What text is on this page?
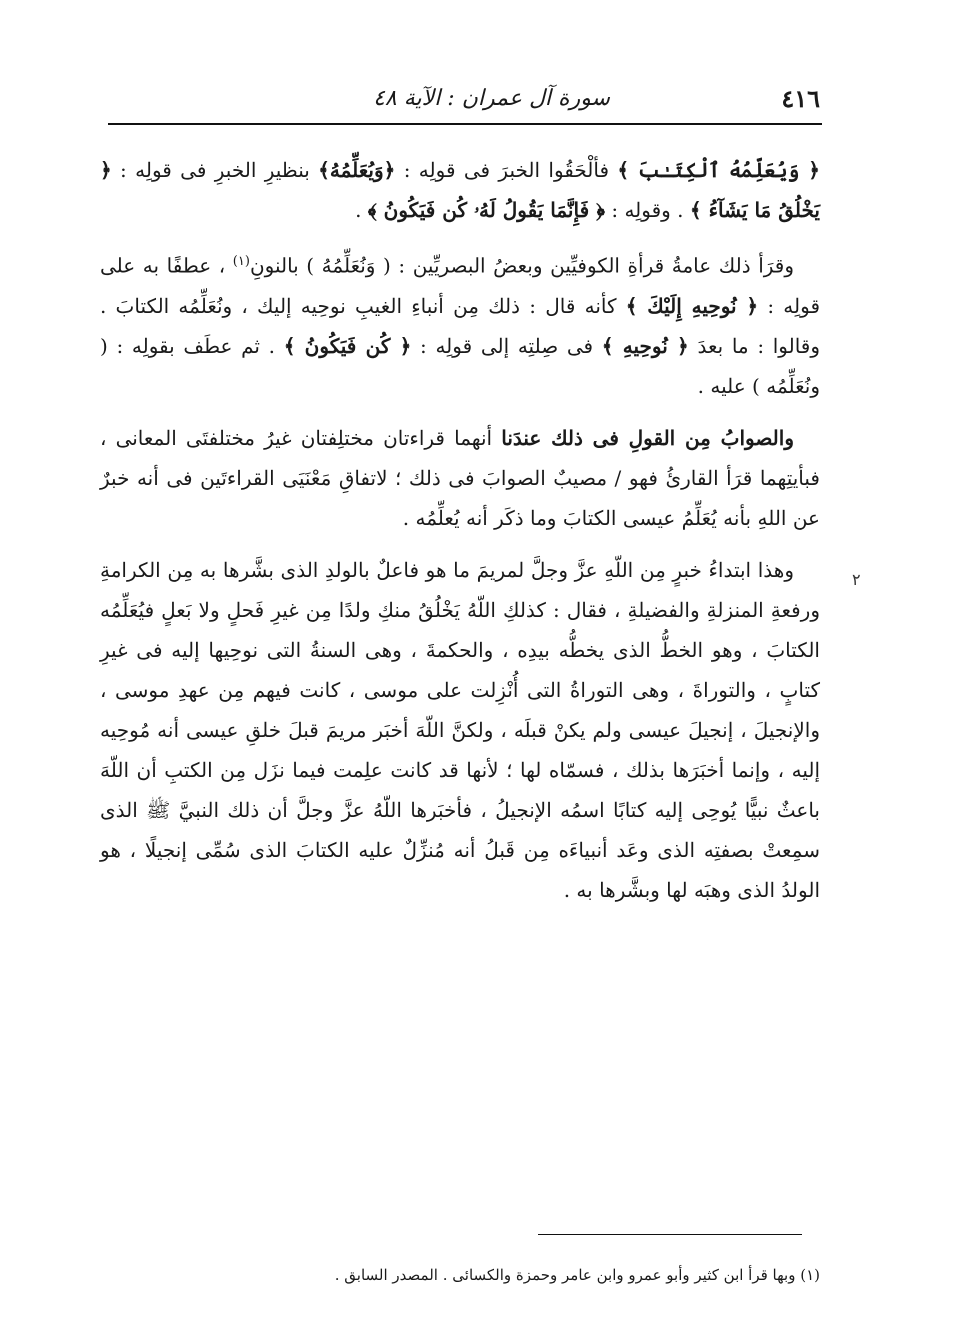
٤١٦
سورة آل عمران : الآية ٤٨
٢

﴿ وَيُعَلِّمُهُ ٱلْكِتَـٰبَ ﴾ فألْحَقُوا الخبرَ فى قولِه : ﴿وَيُعَلِّمُهُ﴾ بنظيرِ الخبرِ فى قولِه : ﴿ يَخْلُقُ مَا يَشَآءُ ﴾ . وقولِه : ﴿ فَإِنَّمَا يَقُولُ لَهُۥ كُن فَيَكُونُ ﴾ .

وقرَأ ذلك عامةُ قرأةِ الكوفيِّين وبعضُ البصريِّين : ( وَنُعَلِّمُهُ ) بالنونِ$^{(١)}$ ، عطفًا به على قولِه : ﴿ نُوحِيهِ إِلَيْكَ ﴾ كأنه قال : ذلك مِن أنباءِ الغيبِ نوحِيه إليك ، ونُعَلِّمُه الكتابَ . وقالوا : ما بعدَ ﴿ نُوحِيهِ ﴾ فى صِلتِه إلى قولِه : ﴿ كُن فَيَكُونُ ﴾ . ثم عطَف بقولِه : ( ونُعَلِّمُه ) عليه .

والصوابُ مِن القولِ فى ذلك عندَنا أنهما قراءتان مختلِفتان غيرُ مختلفتَى المعانى ، فبأيتِهما قرَأ القارئُ فهو / مصيبٌ الصوابَ فى ذلك ؛ لاتفاقِ مَعْنَيَى القراءتَين فى أنه خبرٌ عن اللهِ بأنه يُعَلِّمُ عيسى الكتابَ وما ذكَر أنه يُعلِّمُه .

وهذا ابتداءُ خبرٍ مِن اللّهِ عزَّ وجلَّ لمريمَ ما هو فاعلٌ بالولدِ الذى بشَّرها به مِن الكرامةِ ورفعةِ المنزلةِ والفضيلةِ ، فقال : كذلكِ اللّهُ يَخْلُقُ منكِ ولدًا مِن غيرِ فَحلٍ ولا بَعلٍ فيُعَلِّمُه الكتابَ ، وهو الخطُّ الذى يخطُّه بيدِه ، والحكمةَ ، وهى السنةُ التى نوحِيها إليه فى غيرِ كتابٍ ، والتوراةَ ، وهى التوراةُ التى أُنْزِلت على موسى ، كانت فيهم مِن عهدِ موسى ، والإنجيلَ ، إنجيلَ عيسى ولم يكنْ قبلَه ، ولكنَّ اللّهَ أخبَر مريمَ قبلَ خلقِ عيسى أنه مُوحِيه إليه ، وإنما أخبَرَها بذلك ، فسمّاه لها ؛ لأنها قد كانت علِمت فيما نزَل مِن الكتبِ أن اللّهَ باعثٌ نبيًّا يُوحِى إليه كتابًا اسمُه الإنجيلُ ، فأخبَرها اللّهُ عزَّ وجلَّ أن ذلك النبيَّ ﷺ الذى سمِعتْ بصفتِه الذى وعَد أنبياءَه مِن قَبلُ أنه مُنزِّلٌ عليه الكتابَ الذى سُمِّى إنجيلًا ، هو الولدُ الذى وهبَه لها وبشَّرها به .

(١) وبها قرأ ابن كثير وأبو عمرو وابن عامر وحمزة والكسائى . المصدر السابق .
